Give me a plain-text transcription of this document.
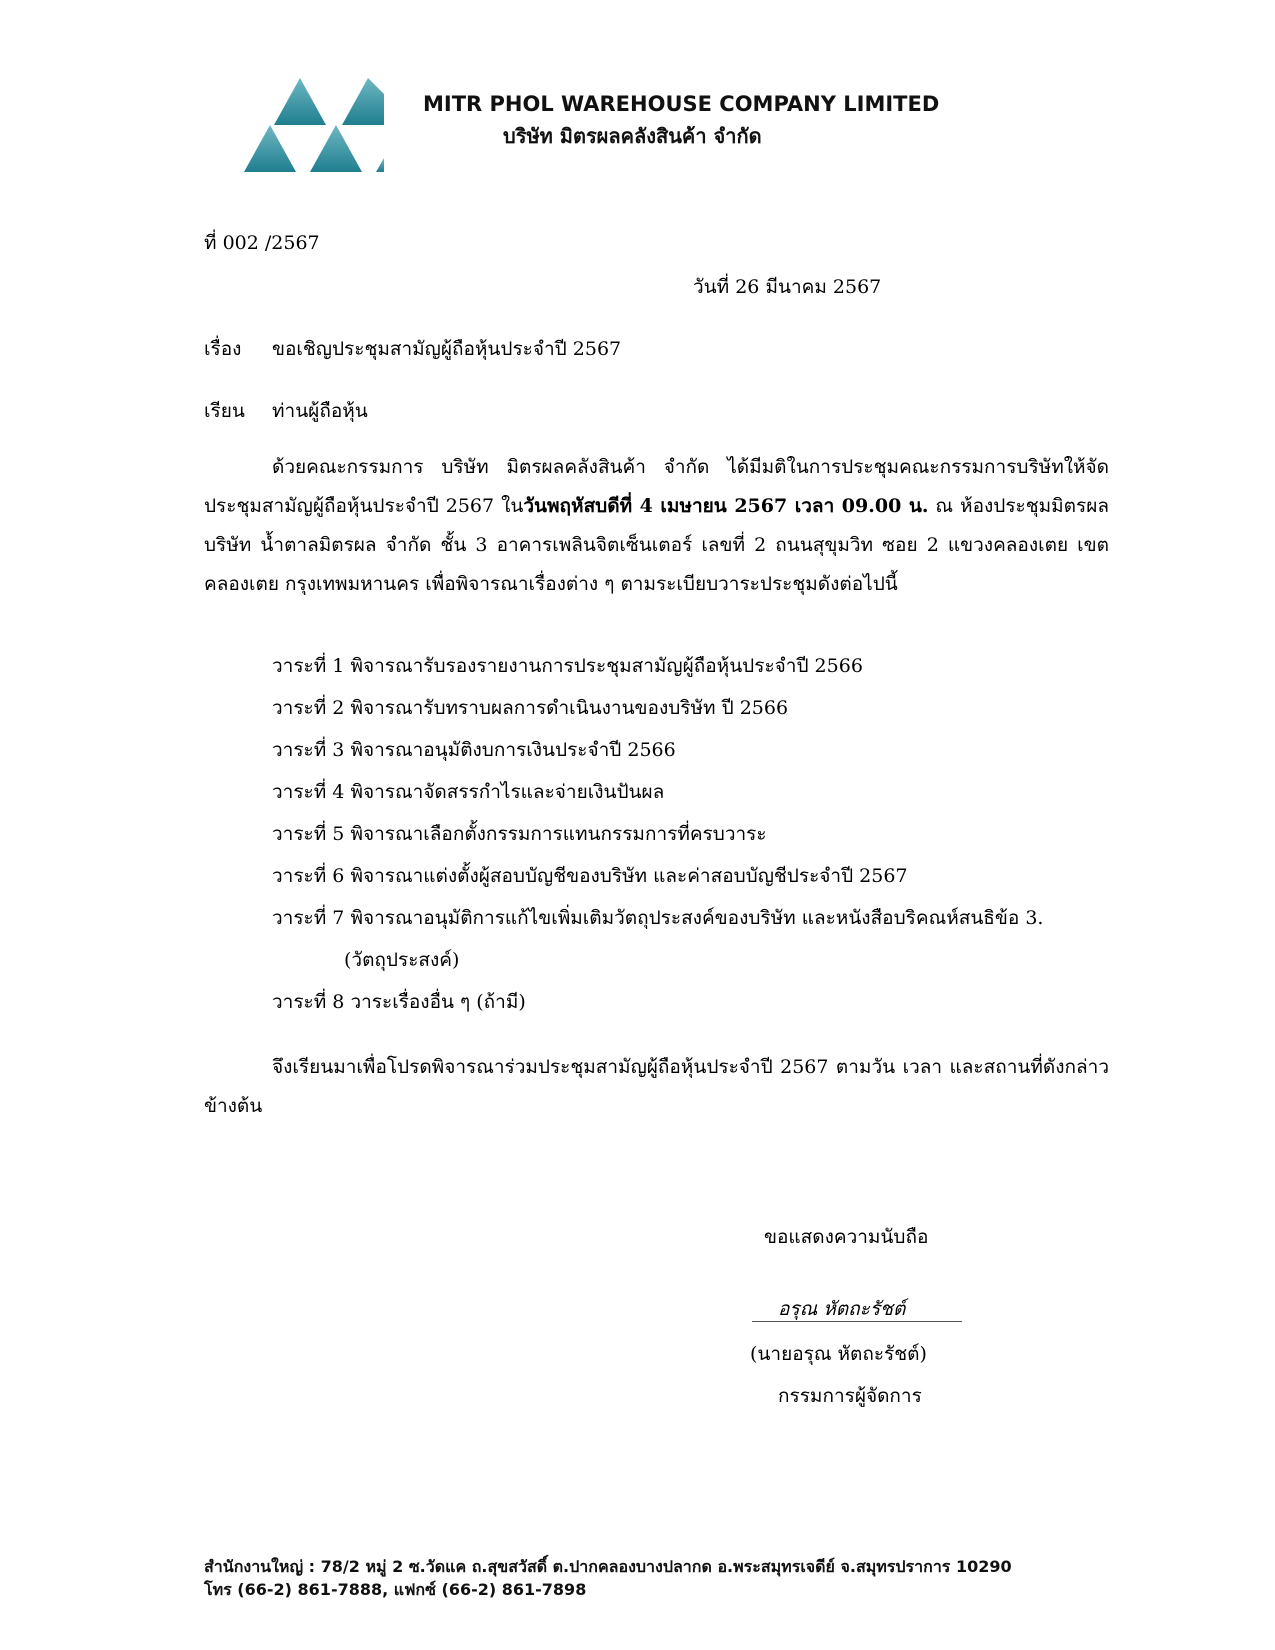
MITR PHOL WAREHOUSE COMPANY LIMITED
บริษัท มิตรผลคลังสินค้า จำกัด
ที่ 002 /2567
วันที่ 26 มีนาคม 2567
เรื่อง ขอเชิญประชุมสามัญผู้ถือหุ้นประจำปี 2567
เรียน ท่านผู้ถือหุ้น
ด้วยคณะกรรมการ บริษัท มิตรผลคลังสินค้า จำกัด ได้มีมติในการประชุมคณะกรรมการบริษัทให้จัดประชุมสามัญผู้ถือหุ้นประจำปี 2567 ในวันพฤหัสบดีที่ 4 เมษายน 2567 เวลา 09.00 น. ณ ห้องประชุมมิตรผล บริษัท น้ำตาลมิตรผล จำกัด ชั้น 3 อาคารเพลินจิตเซ็นเตอร์ เลขที่ 2 ถนนสุขุมวิท ซอย 2 แขวงคลองเตย เขตคลองเตย กรุงเทพมหานคร เพื่อพิจารณาเรื่องต่าง ๆ ตามระเบียบวาระประชุมดังต่อไปนี้
วาระที่ 1 พิจารณารับรองรายงานการประชุมสามัญผู้ถือหุ้นประจำปี 2566
วาระที่ 2 พิจารณารับทราบผลการดำเนินงานของบริษัท ปี 2566
วาระที่ 3 พิจารณาอนุมัติงบการเงินประจำปี 2566
วาระที่ 4 พิจารณาจัดสรรกำไรและจ่ายเงินปันผล
วาระที่ 5 พิจารณาเลือกตั้งกรรมการแทนกรรมการที่ครบวาระ
วาระที่ 6 พิจารณาแต่งตั้งผู้สอบบัญชีของบริษัท และค่าสอบบัญชีประจำปี 2567
วาระที่ 7 พิจารณาอนุมัติการแก้ไขเพิ่มเติมวัตถุประสงค์ของบริษัท และหนังสือบริคณห์สนธิข้อ 3.
(วัตถุประสงค์)
วาระที่ 8 วาระเรื่องอื่น ๆ (ถ้ามี)
จึงเรียนมาเพื่อโปรดพิจารณาร่วมประชุมสามัญผู้ถือหุ้นประจำปี 2567 ตามวัน เวลา และสถานที่ดังกล่าวข้างต้น
ขอแสดงความนับถือ
อรุณ หัตถะรัชต์
(นายอรุณ หัตถะรัชต์)
กรรมการผู้จัดการ
สำนักงานใหญ่ : 78/2 หมู่ 2 ซ.วัดแค ถ.สุขสวัสดิ์ ต.ปากคลองบางปลากด อ.พระสมุทรเจดีย์ จ.สมุทรปราการ 10290
โทร (66-2) 861-7888, แฟกซ์ (66-2) 861-7898
